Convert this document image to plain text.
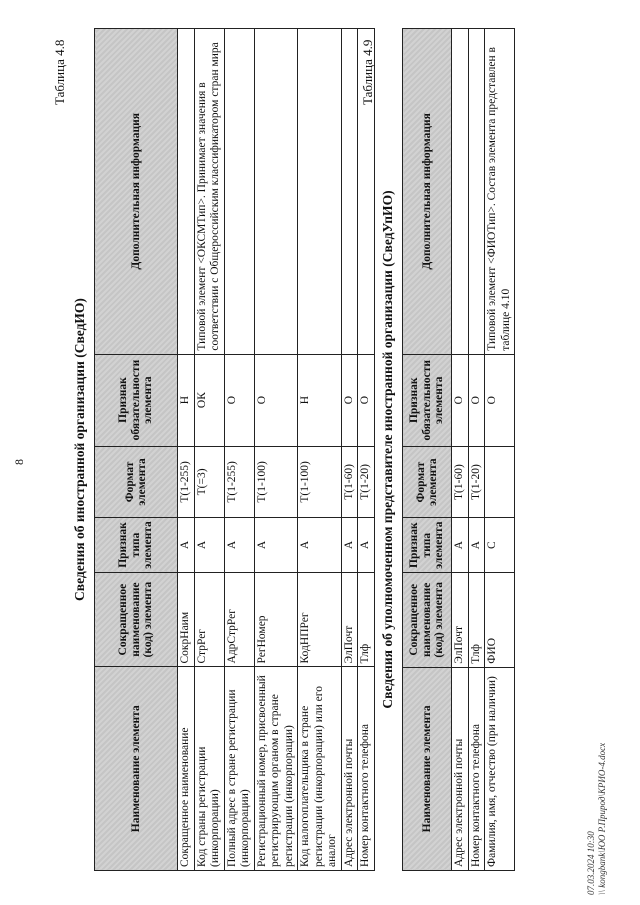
07.03.2024 10:30 \\ kongbank\ЮО Р.Природ\КРИО-4.docx
8
Таблица 4.8
Сведения об иностранной организации (СведИО)
Наименование элемента	Сокращенное наименование (код) элемента	Признак типа элемента	Формат элемента	Признак обязательности элемента	Дополнительная информация
Сокращенное наименование	СокрНаим	А	T(1-255)	Н	
Код страны регистрации (инкорпорации)	СтрРег	А	T(=3)	ОК	Типовой элемент <ОКСМТип>. Принимает значения в соответствии с Общероссийским классификатором стран мира
Полный адрес в стране регистрации (инкорпорации)	АдрСтрРег	А	T(1-255)	О	
Регистрационный номер, присвоенный регистрирующим органом в стране регистрации (инкорпорации)	РегНомер	А	T(1-100)	О	
Код налогоплательщика в стране регистрации (инкорпорации) или его аналог	КодНПРег	А	T(1-100)	Н	
Адрес электронной почты	ЭлПочт	А	T(1-60)	О	
Номер контактного телефона	Тлф	А	T(1-20)	О	
Таблица 4.9
Сведения об уполномоченном представителе иностранной организации (СведУпИО)
Наименование элемента	Сокращенное наименование (код) элемента	Признак типа элемента	Формат элемента	Признак обязательности элемента	Дополнительная информация
Адрес электронной почты	ЭлПочт	А	T(1-60)	О	
Номер контактного телефона	Тлф	А	T(1-20)	О	
Фамилия, имя, отчество (при наличии)	ФИО	С		О	Типовой элемент <ФИОТип>. Состав элемента представлен в таблице 4.10
